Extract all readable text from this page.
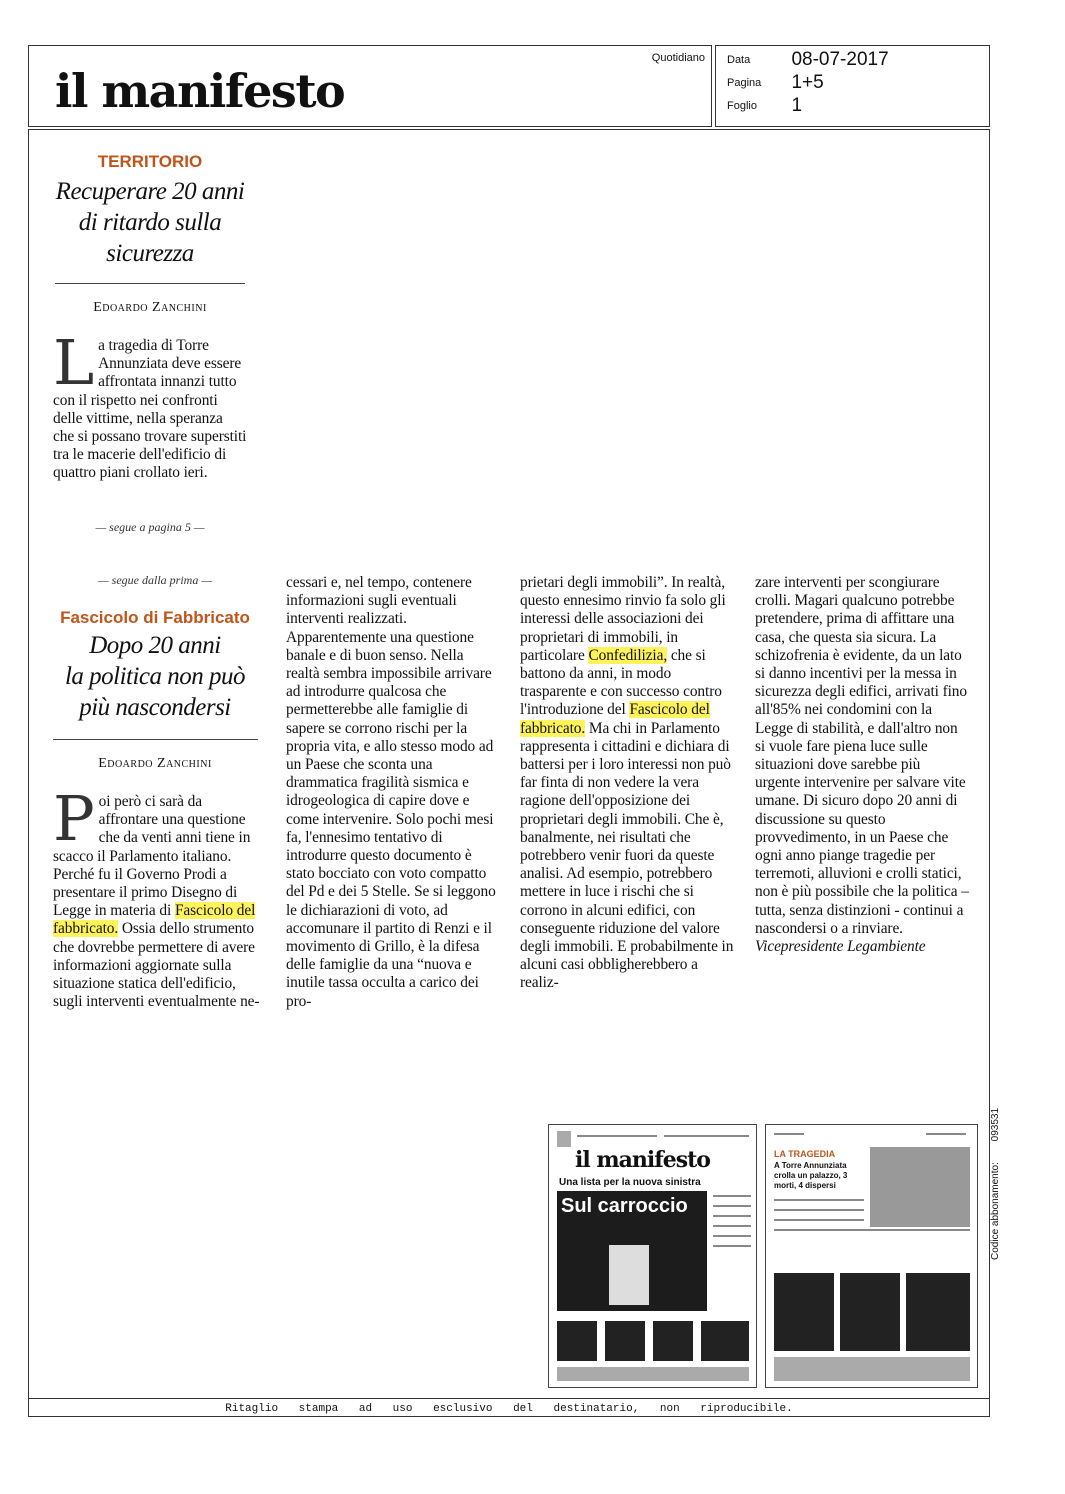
il manifesto
Quotidiano Data 08-07-2017
Pagina 1+5
Foglio 1
Ritaglio stampa ad uso esclusivo del destinatario, non riproducibile.
Codice abbonamento: 093531
TERRITORIO
Recuperare 20 anni
di ritardo sulla
sicurezza
Edoardo Zanchini
L a tragedia di Torre Annunziata deve essere affrontata innanzi tutto con il rispetto nei confronti delle vittime, nella speranza che si possano trovare superstiti tra le macerie dell'edificio di quattro piani crollato ieri.
— segue a pagina 5 —
— segue dalla prima —
Fascicolo di Fabbricato
Dopo 20 anni
la politica non può
più nascondersi
Edoardo Zanchini
P oi però ci sarà da affrontare una questione che da venti anni tiene in scacco il Parlamento italiano. Perché fu il Governo Prodi a presentare il primo Disegno di Legge in materia di Fascicolo del fabbricato. Ossia dello strumento che dovrebbe permettere di avere informazioni aggiornate sulla situazione statica dell'edificio, sugli interventi eventualmente ne-
cessari e, nel tempo, contenere informazioni sugli eventuali interventi realizzati. Apparentemente una questione banale e di buon senso. Nella realtà sembra impossibile arrivare ad introdurre qualcosa che permetterebbe alle famiglie di sapere se corrono rischi per la propria vita, e allo stesso modo ad un Paese che sconta una drammatica fragilità sismica e idrogeologica di capire dove e come intervenire. Solo pochi mesi fa, l'ennesimo tentativo di introdurre questo documento è stato bocciato con voto compatto del Pd e dei 5 Stelle. Se si leggono le dichiarazioni di voto, ad accomunare il partito di Renzi e il movimento di Grillo, è la difesa delle famiglie da una “nuova e inutile tassa occulta a carico dei pro-
prietari degli immobili”. In realtà, questo ennesimo rinvio fa solo gli interessi delle associazioni dei proprietari di immobili, in particolare Confedilizia, che si battono da anni, in modo trasparente e con successo contro l'introduzione del Fascicolo del fabbricato. Ma chi in Parlamento rappresenta i cittadini e dichiara di battersi per i loro interessi non può far finta di non vedere la vera ragione dell'opposizione dei proprietari degli immobili. Che è, banalmente, nei risultati che potrebbero venir fuori da queste analisi. Ad esempio, potrebbero mettere in luce i rischi che si corrono in alcuni edifici, con conseguente riduzione del valore degli immobili. E probabilmente in alcuni casi obbligherebbero a realiz-
zare interventi per scongiurare crolli. Magari qualcuno potrebbe pretendere, prima di affittare una casa, che questa sia sicura. La schizofrenia è evidente, da un lato si danno incentivi per la messa in sicurezza degli edifici, arrivati fino all'85% nei condomini con la Legge di stabilità, e dall'altro non si vuole fare piena luce sulle situazioni dove sarebbe più urgente intervenire per salvare vite umane. Di sicuro dopo 20 anni di discussione su questo provvedimento, in un Paese che ogni anno piange tragedie per terremoti, alluvioni e crolli statici, non è più possibile che la politica – tutta, senza distinzioni - continui a nascondersi o a rinviare.
Vicepresidente Legambiente
il manifesto
Una lista per la nuova sinistra
Sul carroccio
LA TRAGEDIA
A Torre Annunziata crolla un palazzo, 3 morti, 4 dispersi
